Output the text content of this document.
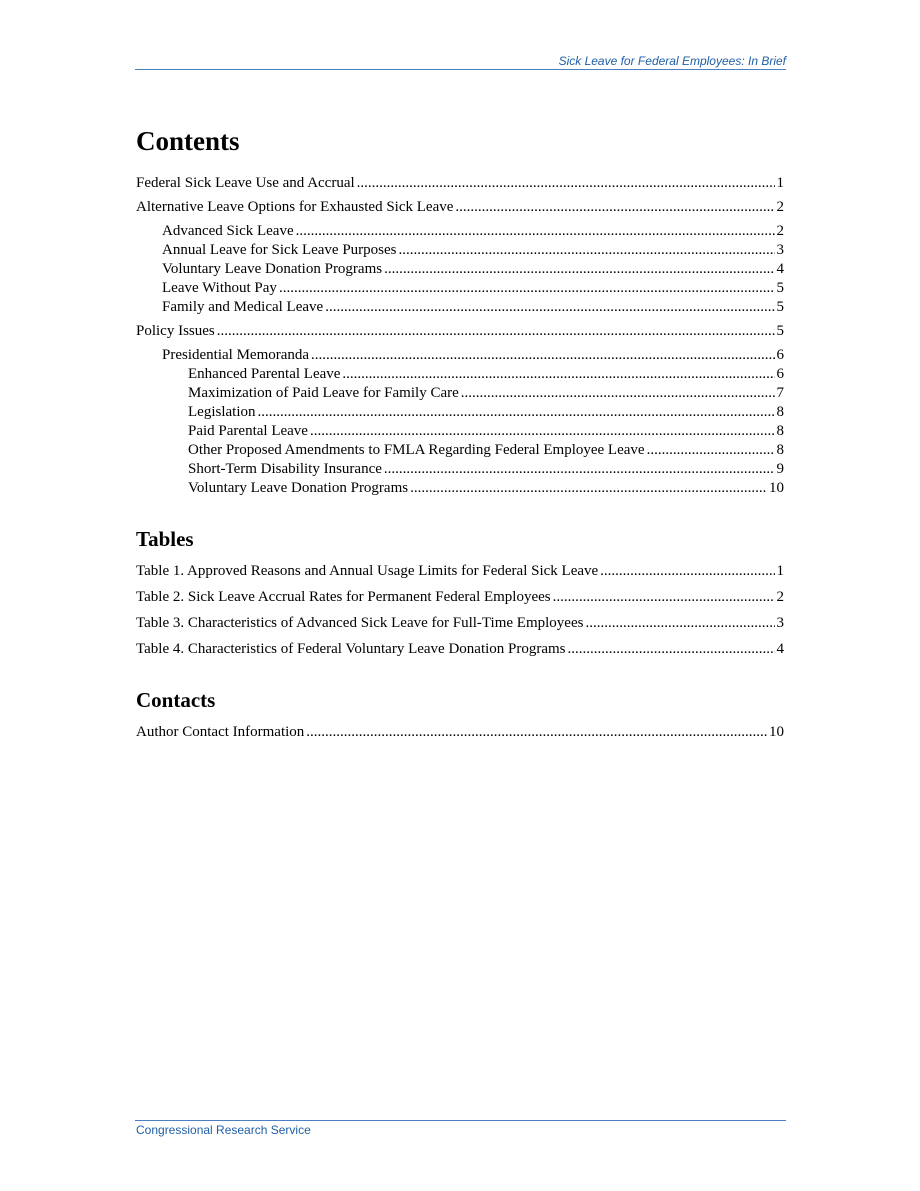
Sick Leave for Federal Employees: In Brief
Contents
Federal Sick Leave Use and Accrual .....	1
Alternative Leave Options for Exhausted Sick Leave .....	2
Advanced Sick Leave .....	2
Annual Leave for Sick Leave Purposes .....	3
Voluntary Leave Donation Programs .....	4
Leave Without Pay .....	5
Family and Medical Leave .....	5
Policy Issues .....	5
Presidential Memoranda .....	6
Enhanced Parental Leave .....	6
Maximization of Paid Leave for Family Care .....	7
Legislation .....	8
Paid Parental Leave .....	8
Other Proposed Amendments to FMLA Regarding Federal Employee Leave .....	8
Short-Term Disability Insurance .....	9
Voluntary Leave Donation Programs .....	10
Tables
Table 1. Approved Reasons and Annual Usage Limits for Federal Sick Leave .....	1
Table 2. Sick Leave Accrual Rates for Permanent Federal Employees .....	2
Table 3. Characteristics of Advanced Sick Leave for Full-Time Employees .....	3
Table 4. Characteristics of Federal Voluntary Leave Donation Programs .....	4
Contacts
Author Contact Information .....	10
Congressional Research Service
